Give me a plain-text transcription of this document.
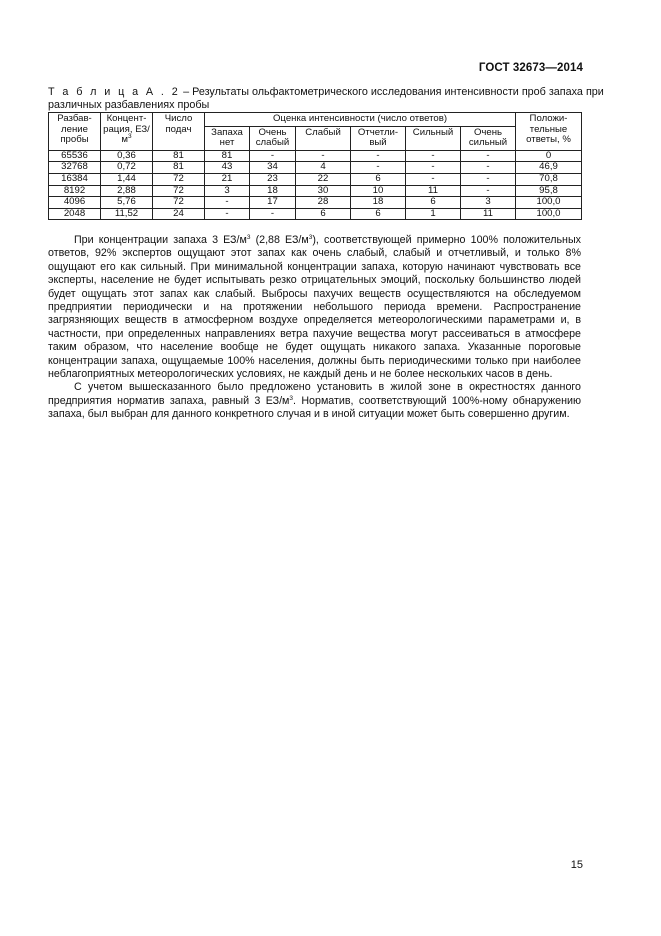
ГОСТ 32673—2014
Т а б л и ц а А . 2 – Результаты ольфактометрического исследования интенсивности проб запаха при различных разбавлениях пробы
Разбав-ление пробы	Концент-рация, $ЕЗ/м^3$	Число подач	Оценка интенсивности (число ответов)						Положи-тельные ответы, %
			Запаха нет	Очень слабый	Слабый	Отчетли-вый	Сильный	Очень сильный	
65536	0,36	81	81	-	-	-	-	-	0
32768	0,72	81	43	34	4	-	-	-	46,9
16384	1,44	72	21	23	22	6	-	-	70,8
8192	2,88	72	3	18	30	10	11	-	95,8
4096	5,76	72	-	17	28	18	6	3	100,0
2048	11,52	24	-	-	6	6	1	11	100,0

При концентрации запаха 3 $ЕЗ/м^3$ (2,88 $ЕЗ/м^3$), соответствующей примерно 100% положительных ответов, 92% экспертов ощущают этот запах как очень слабый, слабый и отчетливый, и только 8% ощущают его как сильный. При минимальной концентрации запаха, которую начинают чувствовать все эксперты, население не будет испытывать резко отрицательных эмоций, поскольку большинство людей будет ощущать этот запах как слабый. Выбросы пахучих веществ осуществляются на обследуемом предприятии периодически и на протяжении небольшого периода времени. Распространение загрязняющих веществ в атмосферном воздухе определяется метеорологическими параметрами и, в частности, при определенных направлениях ветра пахучие вещества могут рассеиваться в атмосфере таким образом, что население вообще не будет ощущать никакого запаха. Указанные пороговые концентрации запаха, ощущаемые 100% населения, должны быть периодическими только при наиболее неблагоприятных метеорологических условиях, не каждый день и не более нескольких часов в день.

С учетом вышесказанного было предложено установить в жилой зоне в окрестностях данного предприятия норматив запаха, равный 3 $ЕЗ/м^3$. Норматив, соответствующий 100%-ному обнаружению запаха, был выбран для данного конкретного случая и в иной ситуации может быть совершенно другим.

15
